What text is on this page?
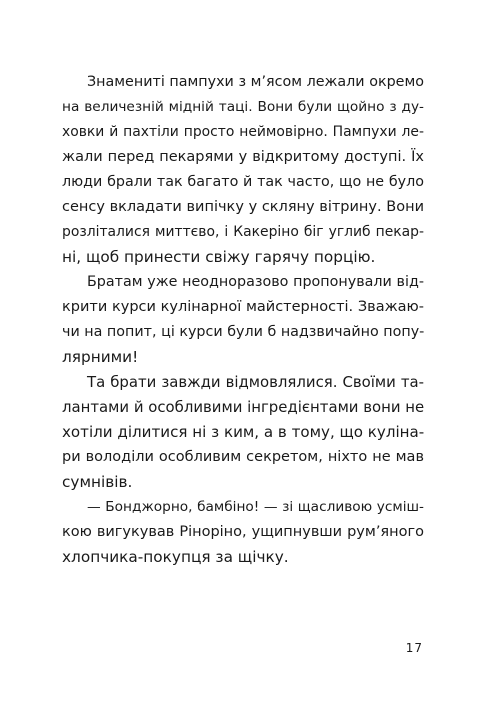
Знамениті пампухи з м’ясом лежали окремо
на величезній мідній таці. Вони були щойно з ду-
ховки й пахтіли просто неймовірно. Пампухи ле-
жали перед пекарями у відкритому доступі. Їх
люди брали так багато й так часто, що не було
сенсу вкладати випічку у скляну вітрину. Вони
розліталися миттєво, і Какеріно біг углиб пекар-
ні, щоб принести свіжу гарячу порцію.
Братам уже неодноразово пропонували від-
крити курси кулінарної майстерності. Зважаю-
чи на попит, ці курси були б надзвичайно попу-
лярними!
Та брати завжди відмовлялися. Своїми та-
лантами й особливими інгредієнтами вони не
хотіли ділитися ні з ким, а в тому, що кулiна-
ри володіли особливим секретом, ніхто не мав
сумнівів.
— Бонджорно, бамбіно! — зі щасливою усміш-
кою вигукував Ріноріно, ущипнувши рум’яного
хлопчика-покупця за щічку.
17
